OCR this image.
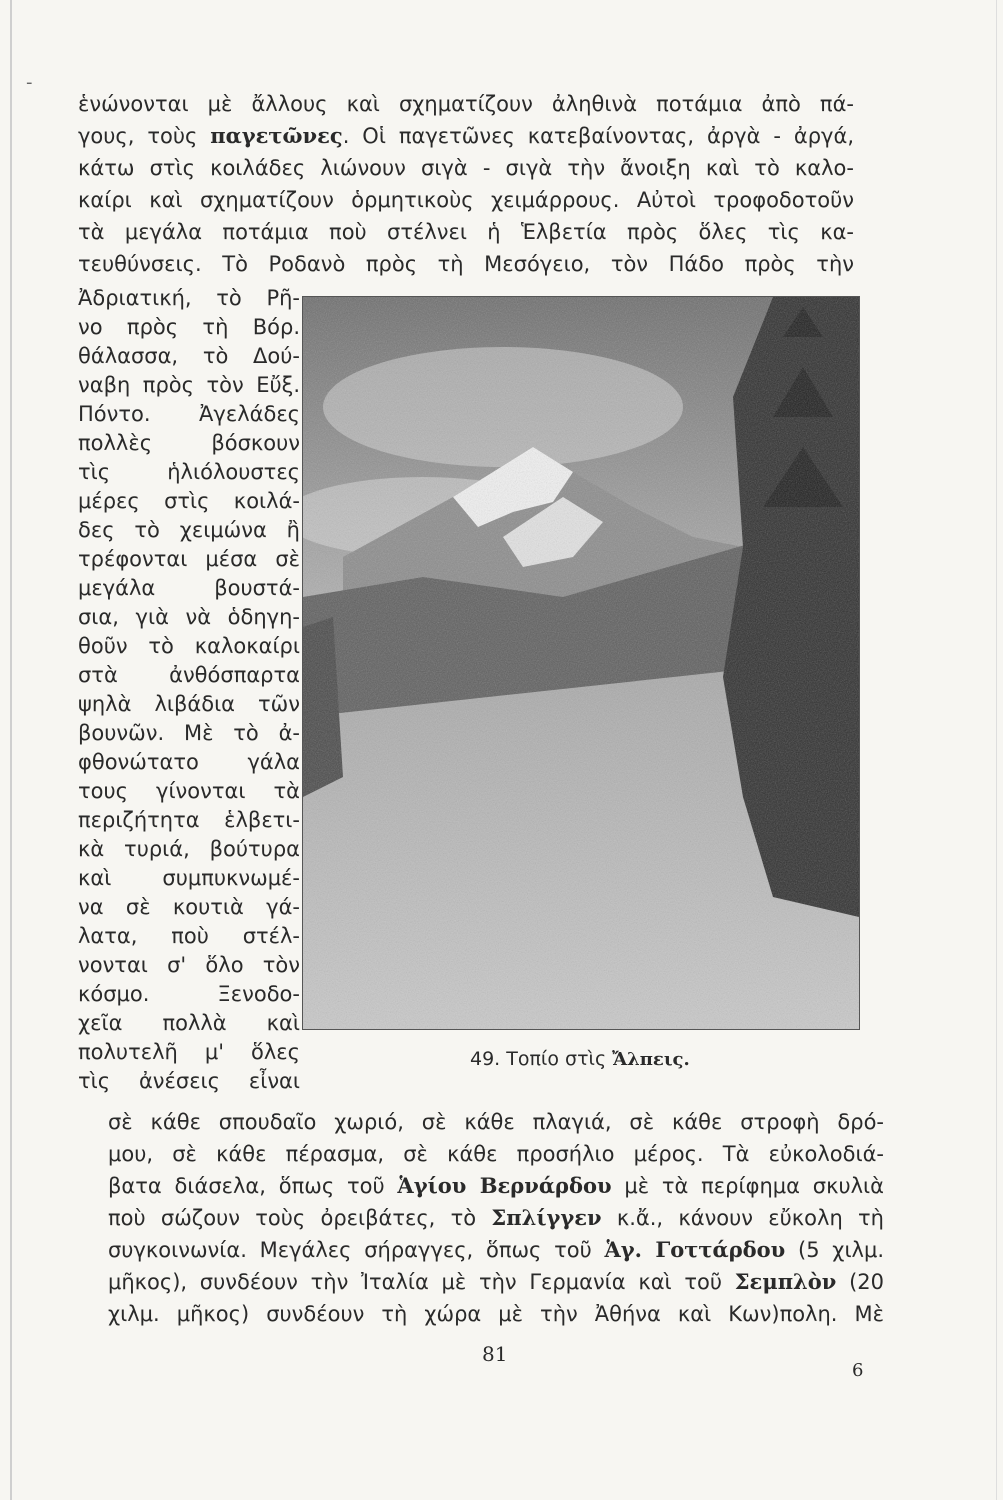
-
ἑνώνονται μὲ ἄλλους καὶ σχηματίζουν ἀληθινὰ ποτάμια ἀπὸ πά-
γους, τοὺς παγετῶνες. Οἱ παγετῶνες κατεβαίνοντας, ἀργὰ - ἀργά,
κάτω στὶς κοιλάδες λιώνουν σιγὰ - σιγὰ τὴν ἄνοιξη καὶ τὸ καλο-
καίρι καὶ σχηματίζουν ὁρμητικοὺς χειμάρρους. Αὐτοὶ τροφοδοτοῦν
τὰ μεγάλα ποτάμια ποὺ στέλνει ἡ Ἑλβετία πρὸς ὅλες τὶς κα-
τευθύνσεις. Τὸ Ροδανὸ πρὸς τὴ Μεσόγειο, τὸν Πάδο πρὸς τὴν
Ἀδριατική, τὸ Ρῆ-
νο πρὸς τὴ Βόρ.
θάλασσα, τὸ Δού-
ναβη πρὸς τὸν Εὔξ.
Πόντο. Ἀγελάδες
πολλὲς βόσκουν
τὶς ἡλιόλουστες
μέρες στὶς κοιλά-
δες τὸ χειμώνα ἢ
τρέφονται μέσα σὲ
μεγάλα βουστά-
σια, γιὰ νὰ ὁδηγη-
θοῦν τὸ καλοκαίρι
στὰ ἀνθόσπαρτα
ψηλὰ λιβάδια τῶν
βουνῶν. Μὲ τὸ ἀ-
φθονώτατο γάλα
τους γίνονται τὰ
περιζήτητα ἑλβετι-
κὰ τυριά, βούτυρα
καὶ συμπυκνωμέ-
να σὲ κουτιὰ γά-
λατα, ποὺ στέλ-
νονται σ' ὅλο τὸν
κόσμο. Ξενοδο-
χεῖα πολλὰ καὶ
πολυτελῆ μ' ὅλες
τὶς ἀνέσεις εἶναι
49. Τοπίο στὶς Ἄλπεις.
σὲ κάθε σπουδαῖο χωριό, σὲ κάθε πλαγιά, σὲ κάθε στροφὴ δρό-
μου, σὲ κάθε πέρασμα, σὲ κάθε προσήλιο μέρος. Τὰ εὐκολοδιά-
βατα διάσελα, ὅπως τοῦ Ἁγίου Βερνάρδου μὲ τὰ περίφημα σκυλιὰ
ποὺ σώζουν τοὺς ὀρειβάτες, τὸ Σπλίγγεν κ.ἄ., κάνουν εὔκολη τὴ
συγκοινωνία. Μεγάλες σήραγγες, ὅπως τοῦ Ἁγ. Γοττάρδου (5 χιλμ.
μῆκος), συνδέουν τὴν Ἰταλία μὲ τὴν Γερμανία καὶ τοῦ Σεμπλὸν (20
χιλμ. μῆκος) συνδέουν τὴ χώρα μὲ τὴν Ἀθήνα καὶ Κων)πολη. Μὲ
81
6
